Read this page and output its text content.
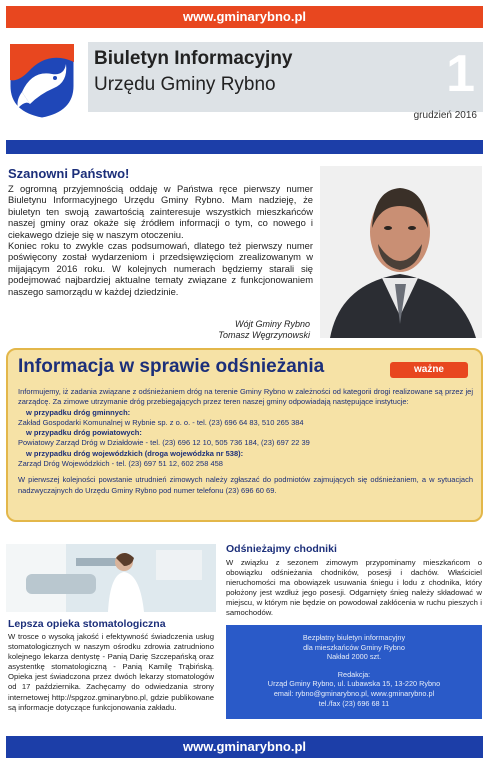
www.gminarybno.pl
Biuletyn Informacyjny
Urzędu Gminy Rybno	1
grudzień 2016
Szanowni Państwo!

Z ogromną przyjemnością oddaję w Państwa ręce pierwszy numer Biuletynu Informacyjnego Urzędu Gminy Rybno. Mam nadzieję, że biuletyn ten swoją zawartością zainteresuje wszystkich mieszkańców naszej gminy oraz okaże się źródłem informacji o tym, co nowego i ciekawego dzieje się w naszym otoczeniu.

Koniec roku to zwykle czas podsumowań, dlatego też pierwszy numer poświęcony został wydarzeniom i przedsięwzięciom zrealizowanym w mijającym 2016 roku. W kolejnych numerach będziemy starali się podejmować najbardziej aktualne tematy związane z funkcjonowaniem naszego samorządu w każdej dziedzinie.

Wójt Gminy Rybno
Tomasz Węgrzynowski
Informacja w sprawie odśnieżania	ważne

Informujemy, iż zadania związane z odśnieżaniem dróg na terenie Gminy Rybno w zależności od kategorii drogi realizowane są przez jej zarządcę. Za zimowe utrzymanie dróg przebiegających przez teren naszej gminy odpowiadają następujące instytucje:

w przypadku dróg gminnych:

Zakład Gospodarki Komunalnej w Rybnie sp. z o. o. - tel. (23) 696 64 83, 510 265 384

w przypadku dróg powiatowych:

Powiatowy Zarząd Dróg w Działdowie - tel. (23) 696 12 10, 505 736 184, (23) 697 22 39

w przypadku dróg wojewódzkich (droga wojewódzka nr 538):

Zarząd Dróg Wojewódzkich - tel. (23) 697 51 12, 602 258 458

W pierwszej kolejności powstanie utrudnień zimowych należy zgłaszać do podmiotów zajmujących się odśnieżaniem, a w sytuacjach nadzwyczajnych do Urzędu Gminy Rybno pod numer telefonu (23) 696 60 69.

Lepsza opieka stomatologiczna
W trosce o wysoką jakość i efektywność świadczenia usług stomatologicznych w naszym ośrodku zdrowia zatrudniono kolejnego lekarza dentystę - Panią Darię Szczepańską oraz asystentkę stomatologiczną - Panią Kamilę Trąbińską. Opieka jest świadczona przez dwóch lekarzy stomatologów od 17 października. Zachęcamy do odwiedzania strony internetowej http://spgzoz.gminarybno.pl, gdzie publikowane są informacje dotyczące funkcjonowania zakładu.
Odśnieżajmy chodniki
W związku z sezonem zimowym przypominamy mieszkańcom o obowiązku odśnieżania chodników, posesji i dachów. Właściciel nieruchomości ma obowiązek usuwania śniegu i lodu z chodnika, który położony jest wzdłuż jego posesji. Odgarnięty śnieg należy składować w miejscu, w którym nie będzie on powodował zakłócenia w ruchu pieszych i samochodów.
Bezpłatny biuletyn informacyjny
dla mieszkańców Gminy Rybno
Nakład 2000 szt.
Redakcja:
Urząd Gminy Rybno, ul. Lubawska 15, 13-220 Rybno
email: rybno@gminarybno.pl, www.gminarybno.pl
tel./fax (23) 696 68 11
www.gminarybno.pl
